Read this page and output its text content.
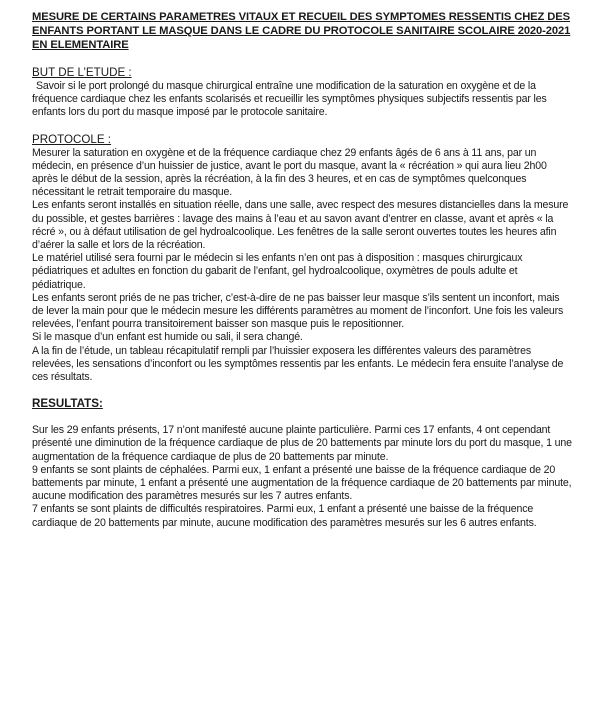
MESURE DE CERTAINS PARAMETRES VITAUX ET RECUEIL DES SYMPTOMES RESSENTIS CHEZ DES ENFANTS PORTANT LE MASQUE DANS LE CADRE DU PROTOCOLE SANITAIRE SCOLAIRE 2020-2021 EN ELEMENTAIRE
BUT DE L’ETUDE :

Savoir si le port prolongé du masque chirurgical entraîne une modification de la saturation en oxygène et de la fréquence cardiaque chez les enfants scolarisés et recueillir les symptômes physiques subjectifs ressentis par les enfants lors du port du masque imposé par le protocole sanitaire.

PROTOCOLE :

Mesurer la saturation en oxygène et de la fréquence cardiaque chez 29 enfants âgés de 6 ans à 11 ans, par un médecin, en présence d’un huissier de justice, avant le port du masque, avant la « récréation » qui aura lieu 2h00 après le début de la session, après la récréation, à la fin des 3 heures, et en cas de symptômes quelconques nécessitant le retrait temporaire du masque.

Les enfants seront installés en situation réelle, dans une salle, avec respect des mesures distancielles dans la mesure du possible, et gestes barrières : lavage des mains à l’eau et au savon avant d’entrer en classe, avant et après « la récré », ou à défaut utilisation de gel hydroalcoolique. Les fenêtres de la salle seront ouvertes toutes les heures afin d’aérer la salle et lors de la récréation.

Le matériel utilisé sera fourni par le médecin si les enfants n’en ont pas à disposition : masques chirurgicaux pédiatriques et adultes en fonction du gabarit de l’enfant, gel hydroalcoolique, oxymètres de pouls adulte et pédiatrique.

Les enfants seront priés de ne pas tricher, c’est-à-dire de ne pas baisser leur masque s’ils sentent un inconfort, mais de lever la main pour que le médecin mesure les différents paramètres au moment de l’inconfort. Une fois les valeurs relevées, l’enfant pourra transitoirement baisser son masque puis le repositionner.

Si le masque d’un enfant est humide ou sali, il sera changé.

A la fin de l’étude, un tableau récapitulatif rempli par l’huissier exposera les différentes valeurs des paramètres relevées, les sensations d’inconfort ou les symptômes ressentis par les enfants. Le médecin fera ensuite l’analyse de ces résultats.

RESULTATS:

Sur les 29 enfants présents, 17 n’ont manifesté aucune plainte particulière. Parmi ces 17 enfants, 4 ont cependant présenté une diminution de la fréquence cardiaque de plus de 20 battements par minute lors du port du masque, 1 une augmentation de la fréquence cardiaque de plus de 20 battements par minute.

9 enfants se sont plaints de céphalées. Parmi eux, 1 enfant a présenté une baisse de la fréquence cardiaque de 20 battements par minute, 1 enfant a présenté une augmentation de la fréquence cardiaque de 20 battements par minute, aucune modification des paramètres mesurés sur les 7 autres enfants.

7 enfants se sont plaints de difficultés respiratoires. Parmi eux, 1 enfant a présenté une baisse de la fréquence cardiaque de 20 battements par minute, aucune modification des paramètres mesurés sur les 6 autres enfants.
